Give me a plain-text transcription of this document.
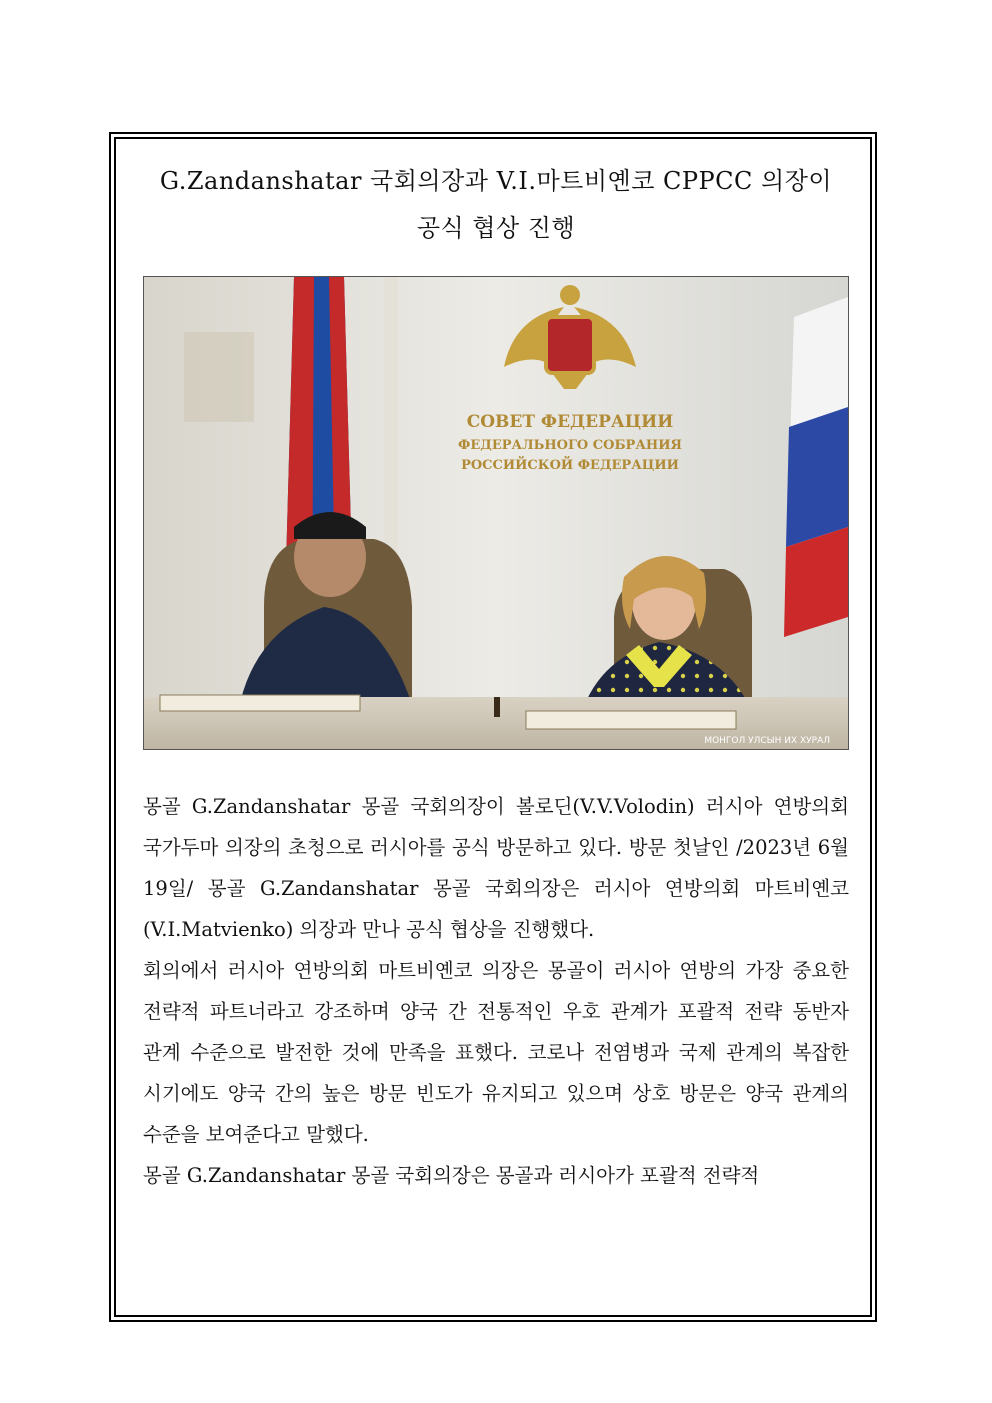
G.Zandanshatar 국회의장과 V.I.마트비옌코 CPPCC 의장이
공식 협상 진행
СОВЕТ ФЕДЕРАЦИИ
ФЕДЕРАЛЬНОГО СОБРАНИЯ
РОССИЙСКОЙ ФЕДЕРАЦИИ
МОНГОЛ УЛСЫН ИХ ХУРАЛ

몽골 G.Zandanshatar 몽골 국회의장이 볼로딘(V.V.Volodin) 러시아 연방의회 국가두마 의장의 초청으로 러시아를 공식 방문하고 있다. 방문 첫날인 /2023년 6월 19일/ 몽골 G.Zandanshatar 몽골 국회의장은 러시아 연방의회 마트비옌코(V.I.Matvienko) 의장과 만나 공식 협상을 진행했다.

회의에서 러시아 연방의회 마트비옌코 의장은 몽골이 러시아 연방의 가장 중요한 전략적 파트너라고 강조하며 양국 간 전통적인 우호 관계가 포괄적 전략 동반자 관계 수준으로 발전한 것에 만족을 표했다. 코로나 전염병과 국제 관계의 복잡한 시기에도 양국 간의 높은 방문 빈도가 유지되고 있으며 상호 방문은 양국 관계의 수준을 보여준다고 말했다.

몽골 G.Zandanshatar 몽골 국회의장은 몽골과 러시아가 포괄적 전략적
